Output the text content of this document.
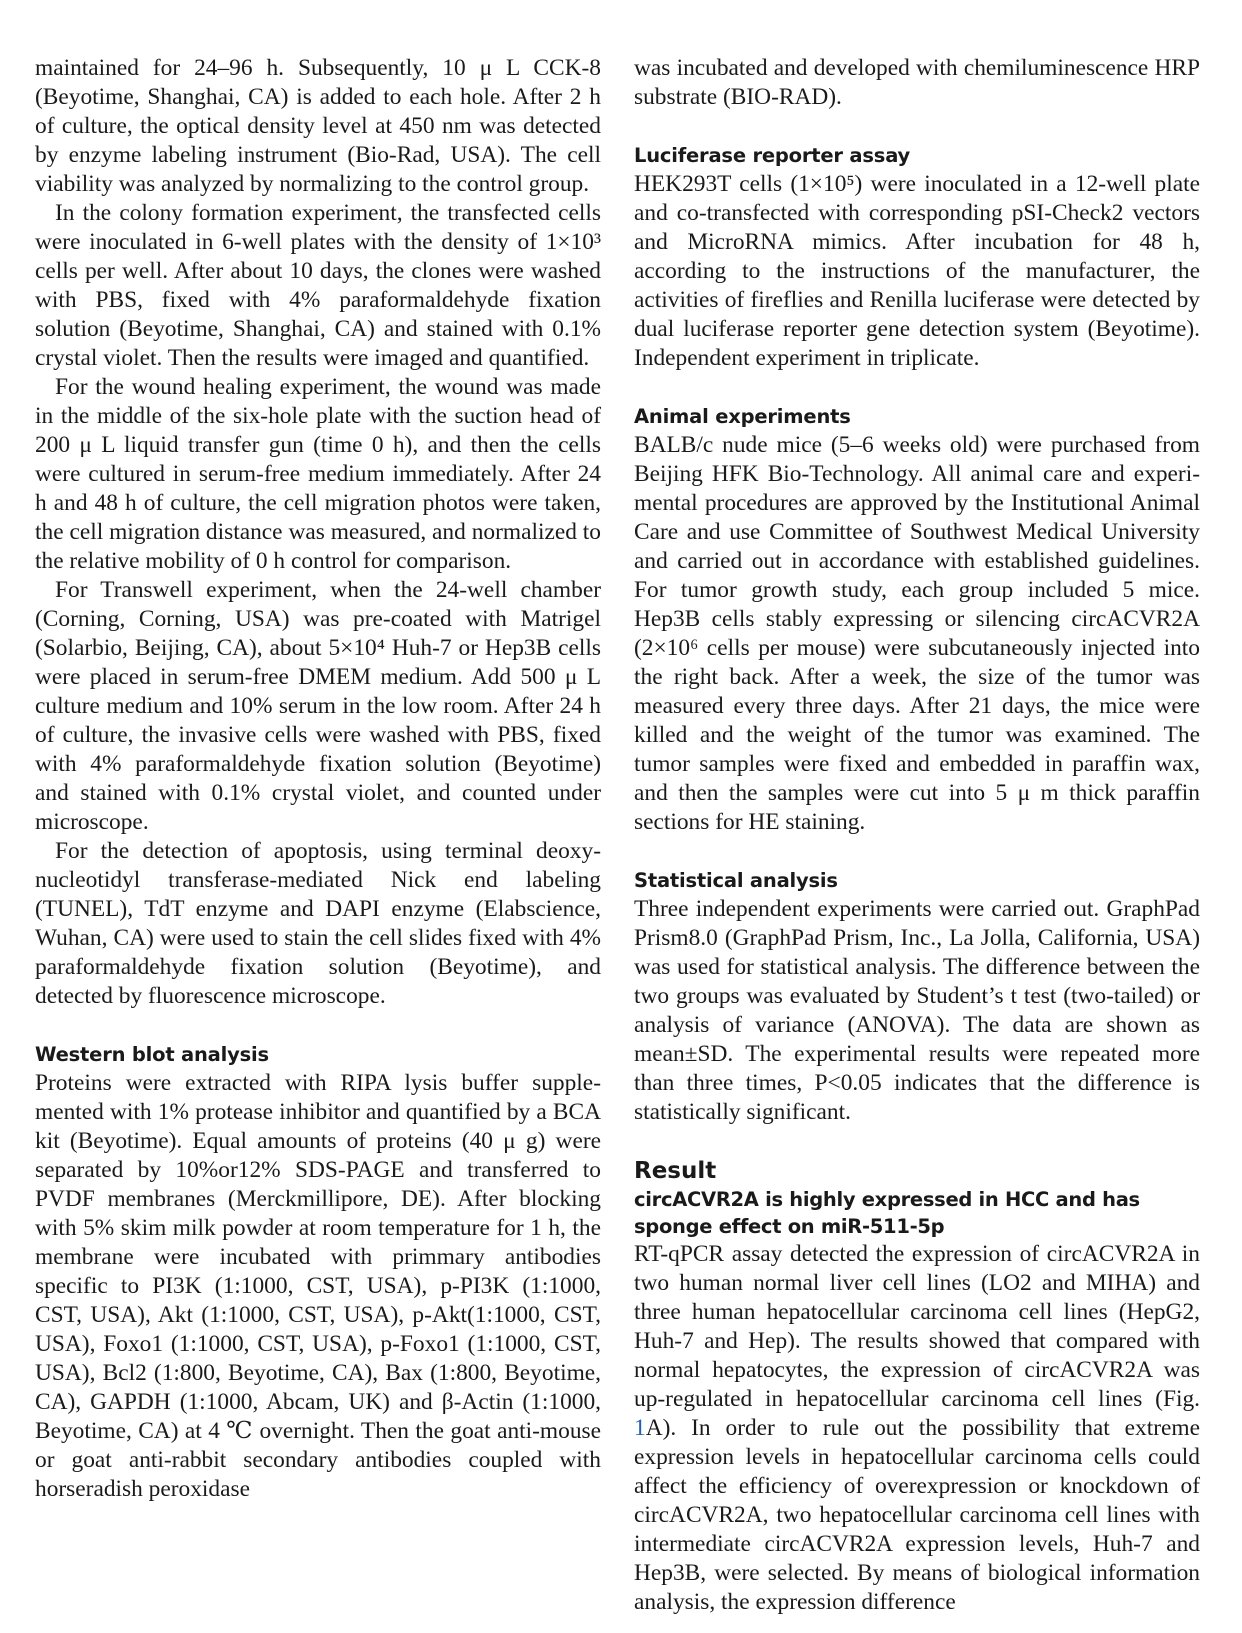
maintained for 24–96 h. Subsequently, 10 μ L CCK-8 (Beyotime, Shanghai, CA) is added to each hole. After 2 h of culture, the optical density level at 450 nm was detected by enzyme labeling instrument (Bio-Rad, USA). The cell viability was analyzed by normalizing to the control group.

In the colony formation experiment, the transfected cells were inoculated in 6-well plates with the density of 1×10³ cells per well. After about 10 days, the clones were washed with PBS, fixed with 4% paraformaldehyde fixation solution (Beyotime, Shanghai, CA) and stained with 0.1% crystal violet. Then the results were imaged and quantified.

For the wound healing experiment, the wound was made in the middle of the six-hole plate with the suction head of 200 μ L liquid transfer gun (time 0 h), and then the cells were cultured in serum-free medium immediately. After 24 h and 48 h of culture, the cell migration photos were taken, the cell migration distance was measured, and normalized to the relative mobility of 0 h control for comparison.

For Transwell experiment, when the 24-well chamber (Corning, Corning, USA) was pre-coated with Matrigel (Solarbio, Beijing, CA), about 5×10⁴ Huh-7 or Hep3B cells were placed in serum-free DMEM medium. Add 500 μ L culture medium and 10% serum in the low room. After 24 h of culture, the invasive cells were washed with PBS, fixed with 4% paraformaldehyde fixation solution (Beyotime) and stained with 0.1% crystal violet, and counted under microscope.

For the detection of apoptosis, using terminal deoxynucleotidyl transferase-mediated Nick end labeling (TUNEL), TdT enzyme and DAPI enzyme (Elabscience, Wuhan, CA) were used to stain the cell slides fixed with 4% paraformaldehyde fixation solution (Beyotime), and detected by fluorescence microscope.

Western blot analysis

Proteins were extracted with RIPA lysis buffer supplemented with 1% protease inhibitor and quantified by a BCA kit (Beyotime). Equal amounts of proteins (40 μ g) were separated by 10%or12% SDS-PAGE and transferred to PVDF membranes (Merckmillipore, DE). After blocking with 5% skim milk powder at room temperature for 1 h, the membrane were incubated with primmary antibodies specific to PI3K (1:1000, CST, USA), p-PI3K (1:1000, CST, USA), Akt (1:1000, CST, USA), p-Akt(1:1000, CST, USA), Foxo1 (1:1000, CST, USA), p-Foxo1 (1:1000, CST, USA), Bcl2 (1:800, Beyotime, CA), Bax (1:800, Beyotime, CA), GAPDH (1:1000, Abcam, UK) and β-Actin (1:1000, Beyotime, CA) at 4 ℃ overnight. Then the goat anti-mouse or goat anti-rabbit secondary antibodies coupled with horseradish peroxidase

was incubated and developed with chemiluminescence HRP substrate (BIO-RAD).

Luciferase reporter assay

HEK293T cells (1×10⁵) were inoculated in a 12-well plate and co-transfected with corresponding pSI-Check2 vectors and MicroRNA mimics. After incubation for 48 h, according to the instructions of the manufacturer, the activities of fireflies and Renilla luciferase were detected by dual luciferase reporter gene detection system (Beyotime). Independent experiment in triplicate.

Animal experiments

BALB/c nude mice (5–6 weeks old) were purchased from Beijing HFK Bio-Technology. All animal care and experimental procedures are approved by the Institutional Animal Care and use Committee of Southwest Medical University and carried out in accordance with established guidelines. For tumor growth study, each group included 5 mice. Hep3B cells stably expressing or silencing circACVR2A (2×10⁶ cells per mouse) were subcutaneously injected into the right back. After a week, the size of the tumor was measured every three days. After 21 days, the mice were killed and the weight of the tumor was examined. The tumor samples were fixed and embedded in paraffin wax, and then the samples were cut into 5 μ m thick paraffin sections for HE staining.

Statistical analysis

Three independent experiments were carried out. GraphPad Prism8.0 (GraphPad Prism, Inc., La Jolla, California, USA) was used for statistical analysis. The difference between the two groups was evaluated by Student’s t test (two-tailed) or analysis of variance (ANOVA). The data are shown as mean±SD. The experimental results were repeated more than three times, P<0.05 indicates that the difference is statistically significant.

Result
circACVR2A is highly expressed in HCC and has sponge effect on miR-511-5p

RT-qPCR assay detected the expression of circACVR2A in two human normal liver cell lines (LO2 and MIHA) and three human hepatocellular carcinoma cell lines (HepG2, Huh-7 and Hep). The results showed that compared with normal hepatocytes, the expression of circACVR2A was up-regulated in hepatocellular carcinoma cell lines (Fig. 1A). In order to rule out the possibility that extreme expression levels in hepatocellular carcinoma cells could affect the efficiency of overexpression or knockdown of circACVR2A, two hepatocellular carcinoma cell lines with intermediate circACVR2A expression levels, Huh-7 and Hep3B, were selected. By means of biological information analysis, the expression difference
